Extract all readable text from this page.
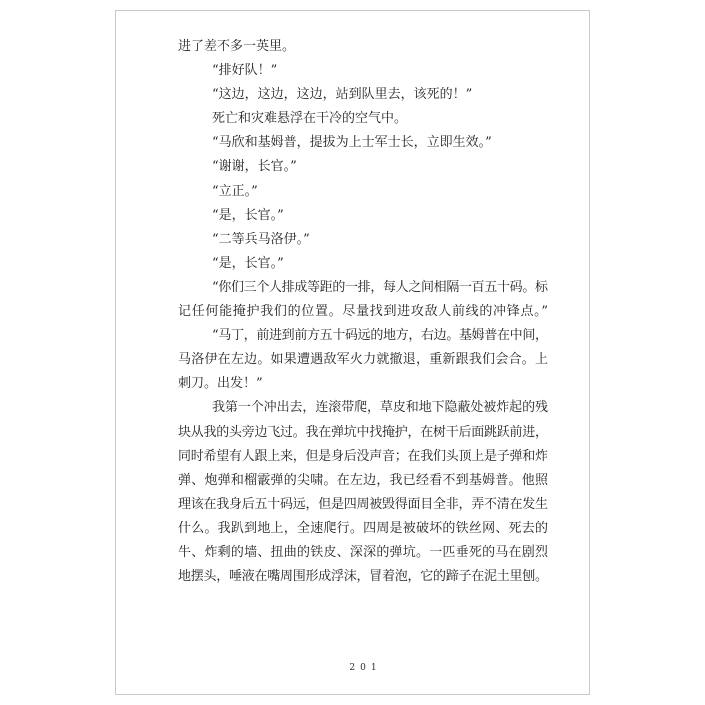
进了差不多一英里。
“排好队！”
“这边，这边，这边，站到队里去，该死的！”
死亡和灾难悬浮在干冷的空气中。
“马欣和基姆普，提拔为上士军士长，立即生效。”
“谢谢，长官。”
“立正。”
“是，长官。”
“二等兵马洛伊。”
“是，长官。”
“你们三个人排成等距的一排，每人之间相隔一百五十码。标
记任何能掩护我们的位置。尽量找到进攻敌人前线的冲锋点。”
“马丁，前进到前方五十码远的地方，右边。基姆普在中间，
马洛伊在左边。如果遭遇敌军火力就撤退，重新跟我们会合。上
刺刀。出发！”
我第一个冲出去，连滚带爬，草皮和地下隐蔽处被炸起的残
块从我的头旁边飞过。我在弹坑中找掩护，在树干后面跳跃前进，
同时希望有人跟上来，但是身后没声音；在我们头顶上是子弹和炸
弹、炮弹和榴霰弹的尖啸。在左边，我已经看不到基姆普。他照
理该在我身后五十码远，但是四周被毁得面目全非，弄不清在发生
什么。我趴到地上，全速爬行。四周是被破坏的铁丝网、死去的
牛、炸剩的墙、扭曲的铁皮、深深的弹坑。一匹垂死的马在剧烈
地摆头，唾液在嘴周围形成浮沫，冒着泡，它的蹄子在泥土里刨。
201
